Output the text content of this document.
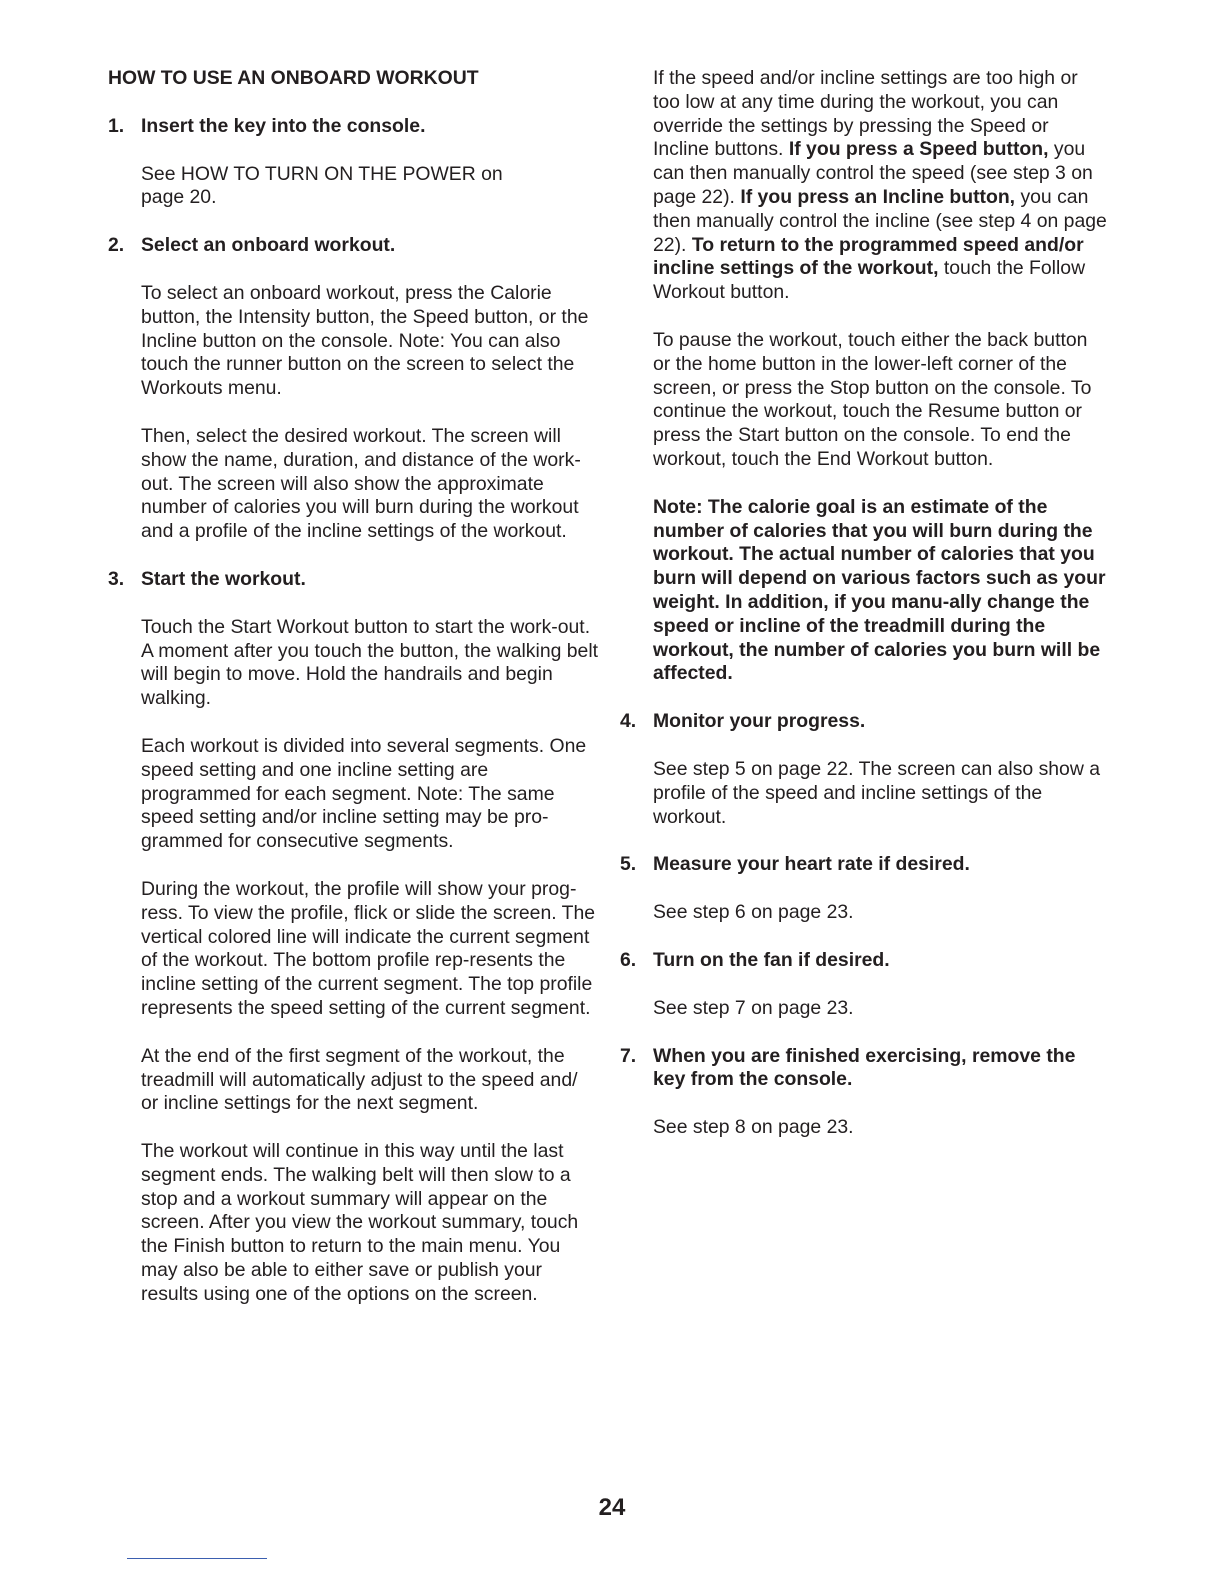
HOW TO USE AN ONBOARD WORKOUT
1. Insert the key into the console.

See HOW TO TURN ON THE POWER on page 20.

2. Select an onboard workout.

To select an onboard workout, press the Calorie button, the Intensity button, the Speed button, or the Incline button on the console. Note: You can also touch the runner button on the screen to select the Workouts menu.

Then, select the desired workout. The screen will show the name, duration, and distance of the work-out. The screen will also show the approximate number of calories you will burn during the workout and a profile of the incline settings of the workout.

3. Start the workout.

Touch the Start Workout button to start the work-out. A moment after you touch the button, the walking belt will begin to move. Hold the handrails and begin walking.

Each workout is divided into several segments. One speed setting and one incline setting are programmed for each segment. Note: The same speed setting and/or incline setting may be pro-grammed for consecutive segments.

During the workout, the profile will show your prog-ress. To view the profile, flick or slide the screen. The vertical colored line will indicate the current segment of the workout. The bottom profile rep-resents the incline setting of the current segment. The top profile represents the speed setting of the current segment.

At the end of the first segment of the workout, the treadmill will automatically adjust to the speed and/ or incline settings for the next segment.

The workout will continue in this way until the last segment ends. The walking belt will then slow to a stop and a workout summary will appear on the screen. After you view the workout summary, touch the Finish button to return to the main menu. You may also be able to either save or publish your results using one of the options on the screen.

If the speed and/or incline settings are too high or too low at any time during the workout, you can override the settings by pressing the Speed or Incline buttons. If you press a Speed button, you can then manually control the speed (see step 3 on page 22). If you press an Incline button, you can then manually control the incline (see step 4 on page 22). To return to the programmed speed and/or incline settings of the workout, touch the Follow Workout button.

To pause the workout, touch either the back button or the home button in the lower-left corner of the screen, or press the Stop button on the console. To continue the workout, touch the Resume button or press the Start button on the console. To end the workout, touch the End Workout button.

Note: The calorie goal is an estimate of the number of calories that you will burn during the workout. The actual number of calories that you burn will depend on various factors such as your weight. In addition, if you manu-ally change the speed or incline of the treadmill during the workout, the number of calories you burn will be affected.

4. Monitor your progress.

See step 5 on page 22. The screen can also show a profile of the speed and incline settings of the workout.

5. Measure your heart rate if desired.

See step 6 on page 23.

6. Turn on the fan if desired.

See step 7 on page 23.

7. When you are finished exercising, remove the key from the console.

See step 8 on page 23.

24
